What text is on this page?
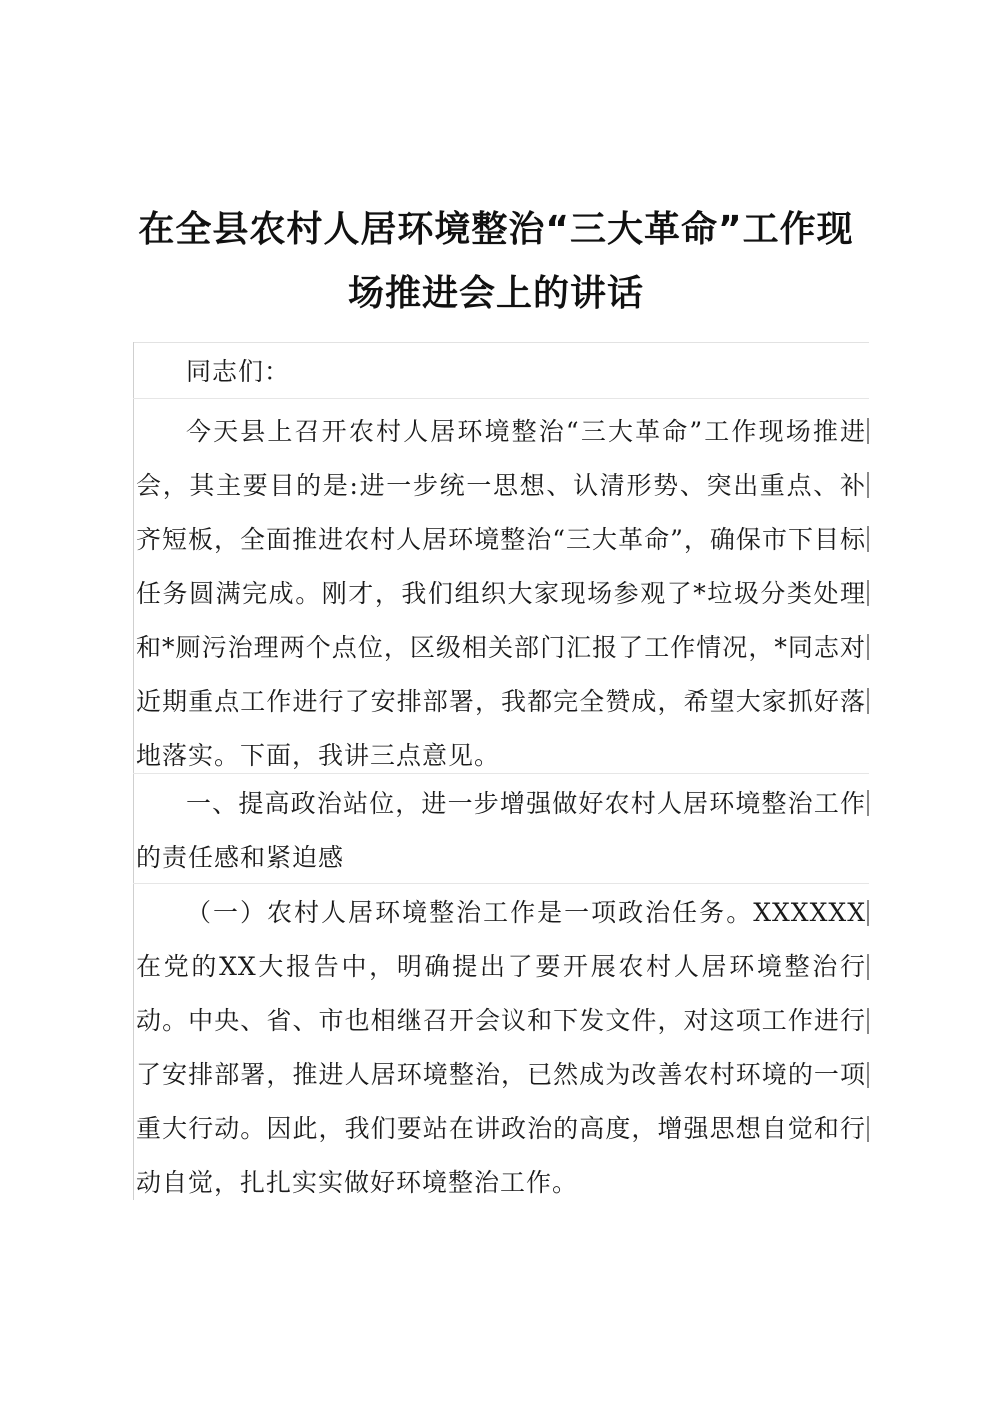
在全县农村人居环境整治“三大革命”工作现场推进会上的讲话

同志们：

今天县上召开农村人居环境整治“三大革命”工作现场推进会，其主要目的是:进一步统一思想、认清形势、突出重点、补齐短板，全面推进农村人居环境整治“三大革命”，确保市下目标任务圆满完成。刚才，我们组织大家现场参观了*垃圾分类处理和*厕污治理两个点位，区级相关部门汇报了工作情况，*同志对近期重点工作进行了安排部署，我都完全赞成，希望大家抓好落地落实。下面，我讲三点意见。

一、提高政治站位，进一步增强做好农村人居环境整治工作的责任感和紧迫感

（一）农村人居环境整治工作是一项政治任务。XXXXXX在党的XX大报告中，明确提出了要开展农村人居环境整治行动。中央、省、市也相继召开会议和下发文件，对这项工作进行了安排部署，推进人居环境整治，已然成为改善农村环境的一项重大行动。因此，我们要站在讲政治的高度，增强思想自觉和行动自觉，扎扎实实做好环境整治工作。
